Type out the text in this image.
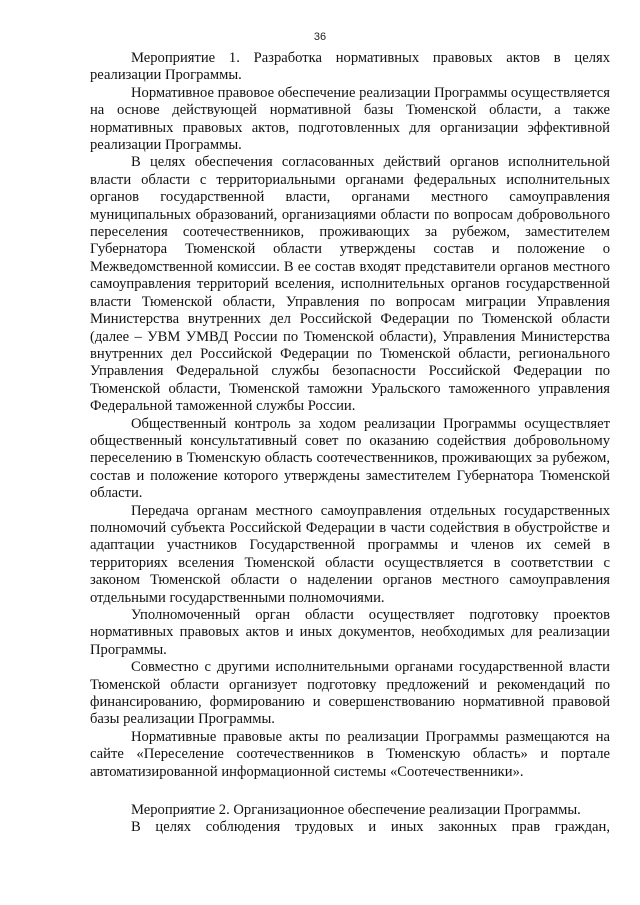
36

Мероприятие 1. Разработка нормативных правовых актов в целях реализации Программы.

Нормативное правовое обеспечение реализации Программы осуществляется на основе действующей нормативной базы Тюменской области, а также нормативных правовых актов, подготовленных для организации эффективной реализации Программы.

В целях обеспечения согласованных действий органов исполнительной власти области с территориальными органами федеральных исполнительных органов государственной власти, органами местного самоуправления муниципальных образований, организациями области по вопросам добровольного переселения соотечественников, проживающих за рубежом, заместителем Губернатора Тюменской области утверждены состав и положение о Межведомственной комиссии. В ее состав входят представители органов местного самоуправления территорий вселения, исполнительных органов государственной власти Тюменской области, Управления по вопросам миграции Управления Министерства внутренних дел Российской Федерации по Тюменской области (далее – УВМ УМВД России по Тюменской области), Управления Министерства внутренних дел Российской Федерации по Тюменской области, регионального Управления Федеральной службы безопасности Российской Федерации по Тюменской области, Тюменской таможни Уральского таможенного управления Федеральной таможенной службы России.

Общественный контроль за ходом реализации Программы осуществляет общественный консультативный совет по оказанию содействия добровольному переселению в Тюменскую область соотечественников, проживающих за рубежом, состав и положение которого утверждены заместителем Губернатора Тюменской области.

Передача органам местного самоуправления отдельных государственных полномочий субъекта Российской Федерации в части содействия в обустройстве и адаптации участников Государственной программы и членов их семей в территориях вселения Тюменской области осуществляется в соответствии с законом Тюменской области о наделении органов местного самоуправления отдельными государственными полномочиями.

Уполномоченный орган области осуществляет подготовку проектов нормативных правовых актов и иных документов, необходимых для реализации Программы.

Совместно с другими исполнительными органами государственной власти Тюменской области организует подготовку предложений и рекомендаций по финансированию, формированию и совершенствованию нормативной правовой базы реализации Программы.

Нормативные правовые акты по реализации Программы размещаются на сайте «Переселение соотечественников в Тюменскую область» и портале автоматизированной информационной системы «Соотечественники».

Мероприятие 2. Организационное обеспечение реализации Программы.

В целях соблюдения трудовых и иных законных прав граждан,
